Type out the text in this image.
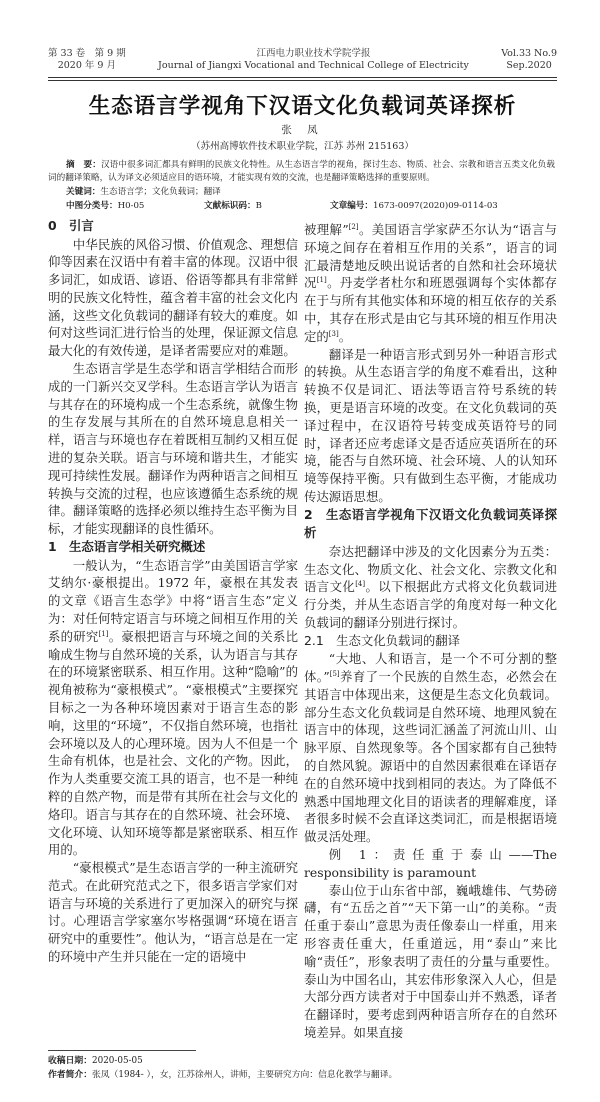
第 33 卷　第 9 期
2020 年 9 月
江西电力职业技术学院学报
Journal of Jiangxi Vocational and Technical College of Electricity
Vol.33 No.9
Sep.2020
生态语言学视角下汉语文化负载词英译探析
张 凤
（苏州高博软件技术职业学院，江苏 苏州 215163）
摘　要：汉语中很多词汇都具有鲜明的民族文化特性。从生态语言学的视角，探讨生态、物质、社会、宗教和语言五类文化负载词的翻译策略，认为译文必须适应目的语环境，才能实现有效的交流，也是翻译策略选择的重要原则。
关键词：生态语言学；文化负载词；翻译
中图分类号：H0-05	文献标识码：B	文章编号：1673-0097(2020)09-0114-03
0　引言

中华民族的风俗习惯、价值观念、理想信仰等因素在汉语中有着丰富的体现。汉语中很多词汇，如成语、谚语、俗语等都具有非常鲜明的民族文化特性，蕴含着丰富的社会文化内涵，这些文化负载词的翻译有较大的难度。如何对这些词汇进行恰当的处理，保证源文信息最大化的有效传递，是译者需要应对的难题。

生态语言学是生态学和语言学相结合而形成的一门新兴交叉学科。生态语言学认为语言与其存在的环境构成一个生态系统，就像生物的生存发展与其所在的自然环境息息相关一样，语言与环境也存在着既相互制约又相互促进的复杂关联。语言与环境和谐共生，才能实现可持续性发展。翻译作为两种语言之间相互转换与交流的过程，也应该遵循生态系统的规律。翻译策略的选择必须以维持生态平衡为目标，才能实现翻译的良性循环。

1　生态语言学相关研究概述

一般认为，“生态语言学”由美国语言学家艾纳尔·豪根提出。1972 年，豪根在其发表的文章《语言生态学》中将“语言生态”定义为：对任何特定语言与环境之间相互作用的关系的研究[1]。豪根把语言与环境之间的关系比喻成生物与自然环境的关系，认为语言与其存在的环境紧密联系、相互作用。这种“隐喻”的视角被称为“豪根模式”。“豪根模式”主要探究目标之一为各种环境因素对于语言生态的影响，这里的“环境”，不仅指自然环境，也指社会环境以及人的心理环境。因为人不但是一个生命有机体，也是社会、文化的产物。因此，作为人类重要交流工具的语言，也不是一种纯粹的自然产物，而是带有其所在社会与文化的烙印。语言与其存在的自然环境、社会环境、文化环境、认知环境等都是紧密联系、相互作用的。

“豪根模式”是生态语言学的一种主流研究范式。在此研究范式之下，很多语言学家们对语言与环境的关系进行了更加深入的研究与探讨。心理语言学家塞尔岑格强调“环境在语言研究中的重要性”。他认为，“语言总是在一定的环境中产生并只能在一定的语境中

被理解”[2]。美国语言学家萨丕尔认为“语言与环境之间存在着相互作用的关系”，语言的词汇最清楚地反映出说话者的自然和社会环境状况[1]。丹麦学者杜尔和班恩强调每个实体都存在于与所有其他实体和环境的相互依存的关系中，其存在形式是由它与其环境的相互作用决定的[3]。

翻译是一种语言形式到另外一种语言形式的转换。从生态语言学的角度不难看出，这种转换不仅是词汇、语法等语言符号系统的转换，更是语言环境的改变。在文化负载词的英译过程中，在汉语符号转变成英语符号的同时，译者还应考虑译文是否适应英语所在的环境，能否与自然环境、社会环境、人的认知环境等保持平衡。只有做到生态平衡，才能成功传达源语思想。

2　生态语言学视角下汉语文化负载词英译探析

奈达把翻译中涉及的文化因素分为五类：生态文化、物质文化、社会文化、宗教文化和语言文化[4]。以下根据此方式将文化负载词进行分类，并从生态语言学的角度对每一种文化负载词的翻译分别进行探讨。

2.1　生态文化负载词的翻译

“大地、人和语言，是一个不可分割的整体。”[5]养育了一个民族的自然生态，必然会在其语言中体现出来，这便是生态文化负载词。部分生态文化负载词是自然环境、地理风貌在语言中的体现，这些词汇涵盖了河流山川、山脉平原、自然现象等。各个国家都有自己独特的自然风貌。源语中的自然因素很难在译语存在的自然环境中找到相同的表达。为了降低不熟悉中国地理文化目的语读者的理解难度，译者很多时候不会直译这类词汇，而是根据语境做灵活处理。

例 1：责任重于泰山——The responsibility is paramount

泰山位于山东省中部，巍峨雄伟、气势磅礴，有“五岳之首”“天下第一山”的美称。“责任重于泰山”意思为责任像泰山一样重，用来形容责任重大，任重道远，用“泰山”来比喻“责任”，形象表明了责任的分量与重要性。泰山为中国名山，其宏伟形象深入人心，但是大部分西方读者对于中国泰山并不熟悉，译者在翻译时，要考虑到两种语言所存在的自然环境差异。如果直接

收稿日期：2020-05-05
作者简介：张凤（1984- ），女，江苏徐州人，讲师，主要研究方向：信息化教学与翻译。
